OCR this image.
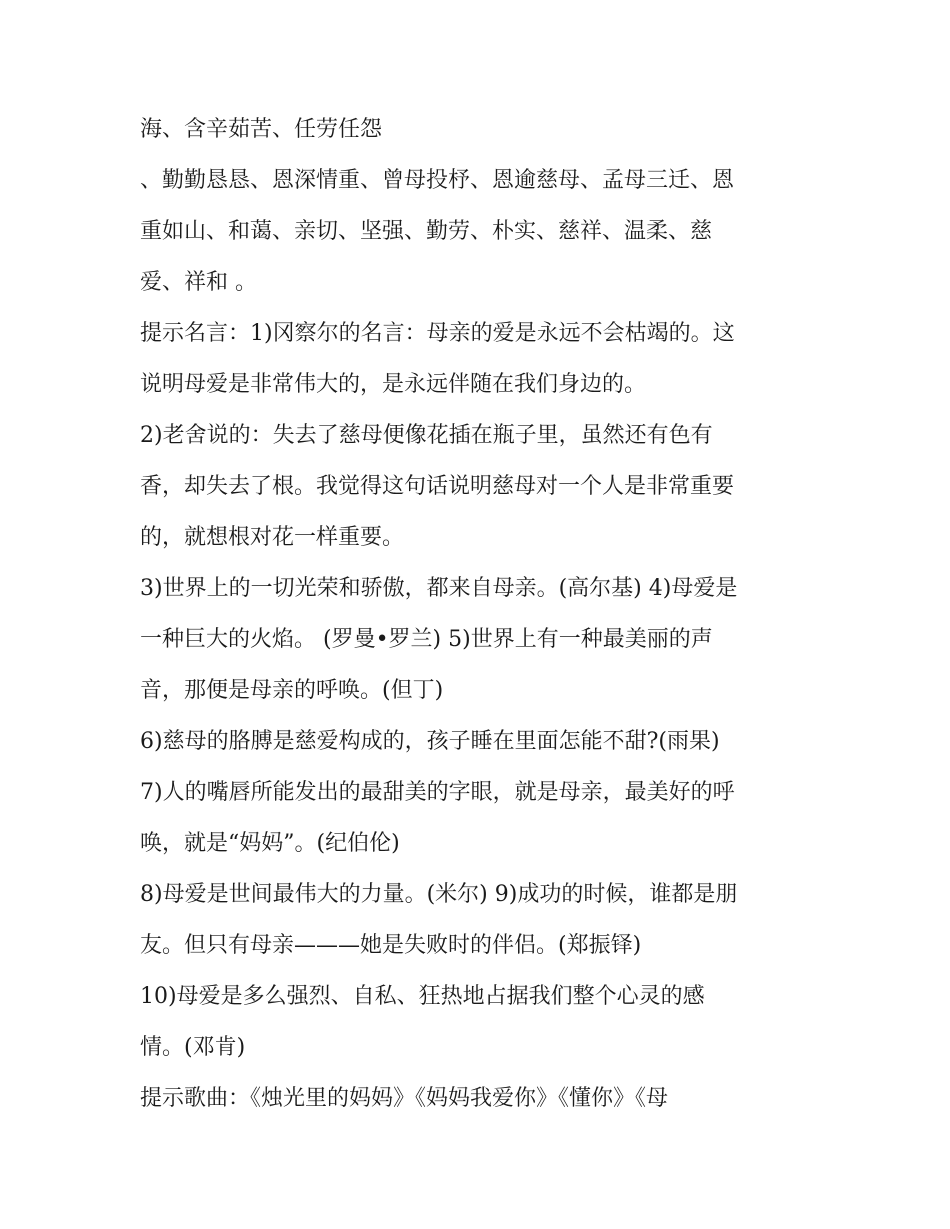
海、含辛茹苦、任劳任怨
、勤勤恳恳、恩深情重、曾母投杼、恩逾慈母、孟母三迁、恩
重如山、和蔼、亲切、坚强、勤劳、朴实、慈祥、温柔、慈
爱、祥和 。
提示名言：1)冈察尔的名言：母亲的爱是永远不会枯竭的。这
说明母爱是非常伟大的，是永远伴随在我们身边的。
2)老舍说的：失去了慈母便像花插在瓶子里，虽然还有色有
香，却失去了根。我觉得这句话说明慈母对一个人是非常重要
的，就想根对花一样重要。
3)世界上的一切光荣和骄傲，都来自母亲。(高尔基) 4)母爱是
一种巨大的火焰。 (罗曼•罗兰) 5)世界上有一种最美丽的声
音，那便是母亲的呼唤。(但丁)
6)慈母的胳膊是慈爱构成的，孩子睡在里面怎能不甜?(雨果)
7)人的嘴唇所能发出的最甜美的字眼，就是母亲，最美好的呼
唤，就是“妈妈”。(纪伯伦)
8)母爱是世间最伟大的力量。(米尔) 9)成功的时候，谁都是朋
友。但只有母亲———她是失败时的伴侣。(郑振铎)
10)母爱是多么强烈、自私、狂热地占据我们整个心灵的感
情。(邓肯)
提示歌曲：《烛光里的妈妈》《妈妈我爱你》《懂你》《母
